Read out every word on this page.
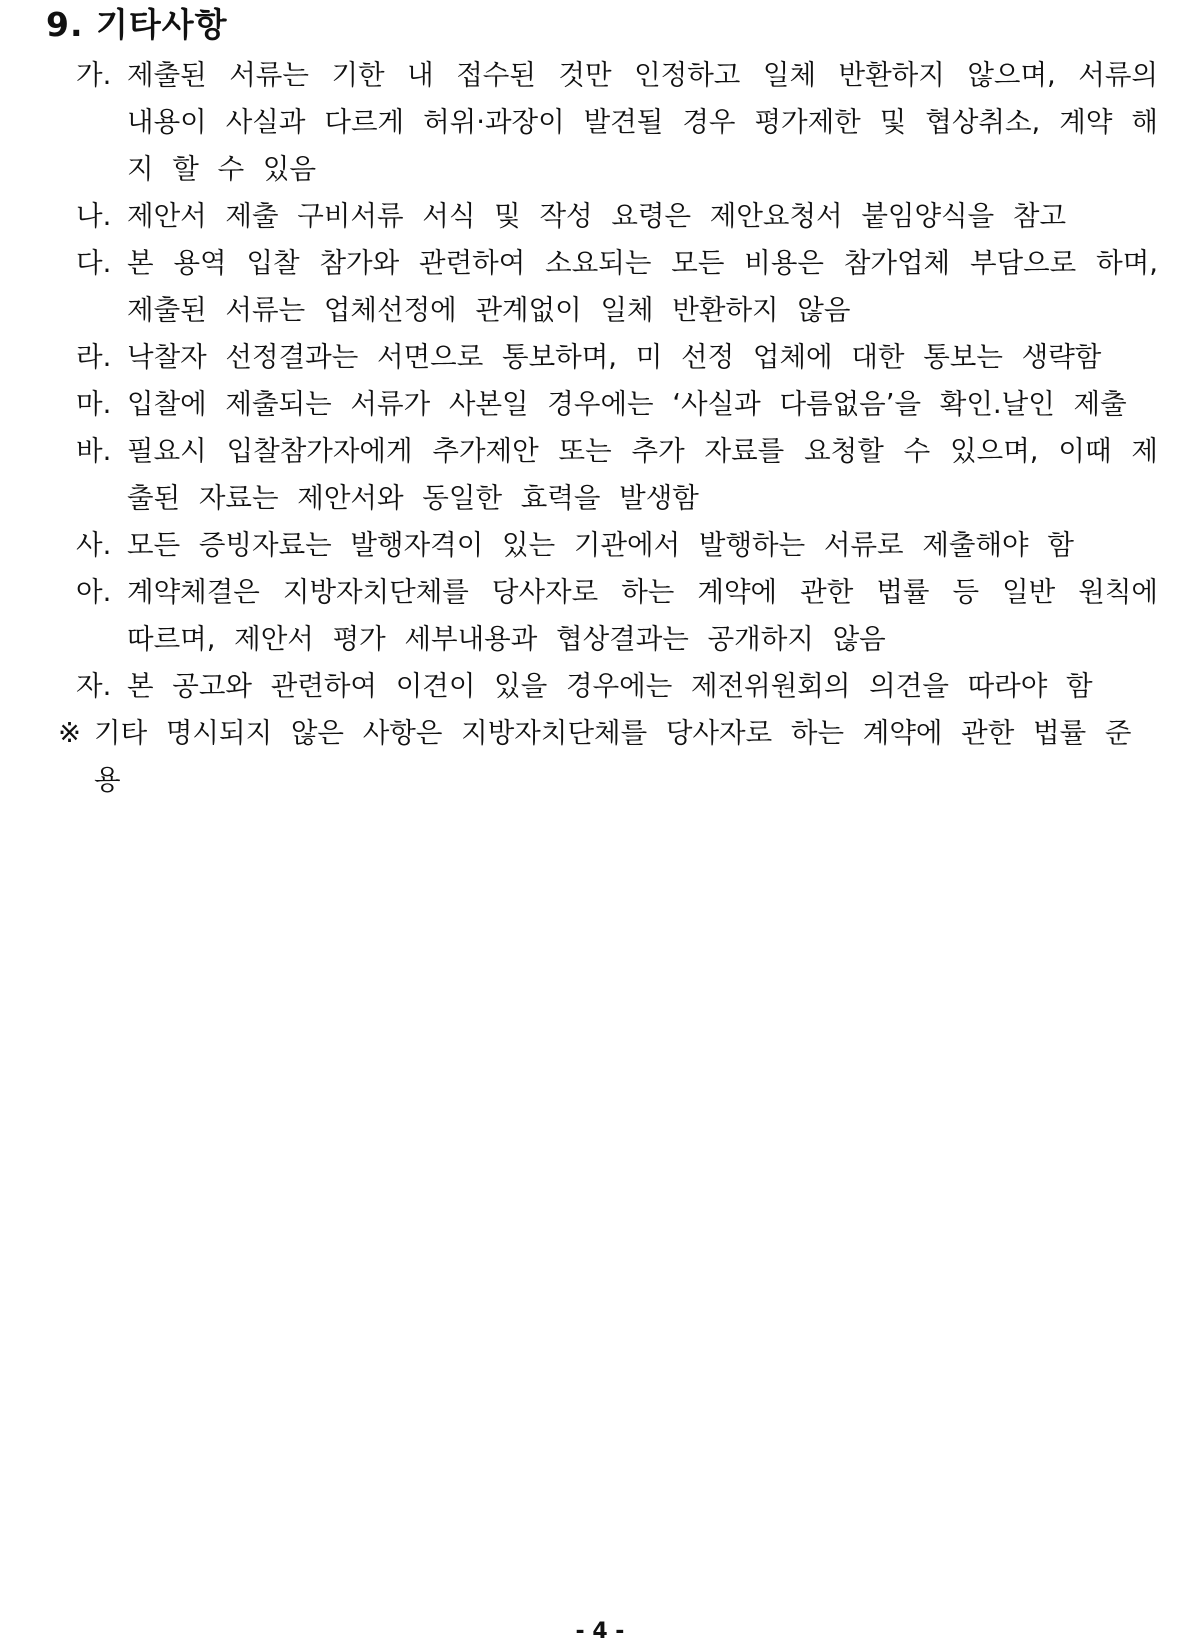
9. 기타사항
가. 제출된 서류는 기한 내 접수된 것만 인정하고 일체 반환하지 않으며, 서류의 내용이 사실과 다르게 허위·과장이 발견될 경우 평가제한 및 협상취소, 계약 해지 할 수 있음
나. 제안서 제출 구비서류 서식 및 작성 요령은 제안요청서 붙임양식을 참고
다. 본 용역 입찰 참가와 관련하여 소요되는 모든 비용은 참가업체 부담으로 하며, 제출된 서류는 업체선정에 관계없이 일체 반환하지 않음
라. 낙찰자 선정결과는 서면으로 통보하며, 미 선정 업체에 대한 통보는 생략함
마. 입찰에 제출되는 서류가 사본일 경우에는 ‘사실과 다름없음’을 확인.날인 제출
바. 필요시 입찰참가자에게 추가제안 또는 추가 자료를 요청할 수 있으며, 이때 제출된 자료는 제안서와 동일한 효력을 발생함
사. 모든 증빙자료는 발행자격이 있는 기관에서 발행하는 서류로 제출해야 함
아. 계약체결은 지방자치단체를 당사자로 하는 계약에 관한 법률 등 일반 원칙에 따르며, 제안서 평가 세부내용과 협상결과는 공개하지 않음
자. 본 공고와 관련하여 이견이 있을 경우에는 제전위원회의 의견을 따라야 함
※ 기타 명시되지 않은 사항은 지방자치단체를 당사자로 하는 계약에 관한 법률 준용
- 4 -
